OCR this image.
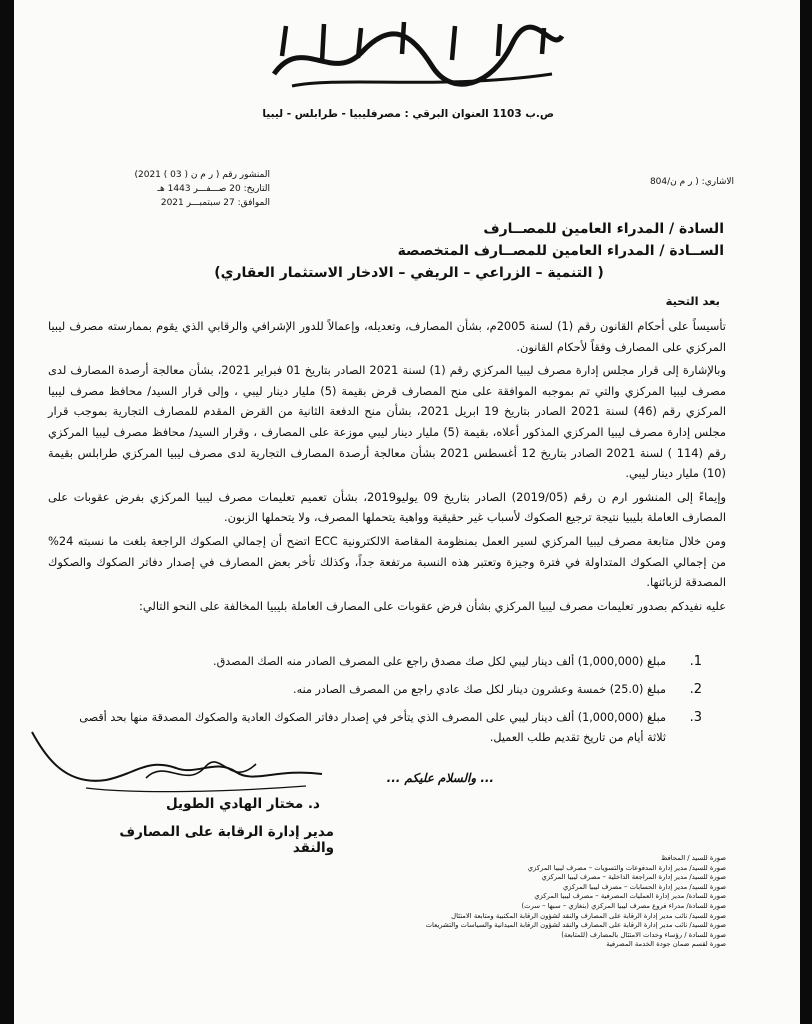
ص.ب 1103 العنوان البرقي : مصرفليبيا - طرابلس - ليبيا
المنشور رقم ( ر م ن ( 03 ) 2021)
التاريخ: 20 صـــفـــر 1443 هـ
الموافق: 27 سبتمبـــر 2021
الاشاري: ( ر م ن/804
السادة / المدراء العامين للمصــارف
الســادة / المدراء العامين للمصــارف المتخصصة
( التنمية – الزراعي – الريفي – الادخار الاستثمار العقاري)
بعد التحية

تأسيساً على أحكام القانون رقم (1) لسنة 2005م، بشأن المصارف، وتعديله، وإعمالاً للدور الإشرافي والرقابي الذي يقوم بممارسته مصرف ليبيا المركزي على المصارف وفقاً لأحكام القانون.

وبالإشارة إلى قرار مجلس إدارة مصرف ليبيا المركزي رقم (1) لسنة 2021 الصادر بتاريخ 01 فبراير 2021، بشأن معالجة أرصدة المصارف لدى مصرف ليبيا المركزي والتي تم بموجبه الموافقة على منح المصارف قرض بقيمة (5) مليار دينار ليبي ، وإلى قرار السيد/ محافظ مصرف ليبيا المركزي رقم (46) لسنة 2021 الصادر بتاريخ 19 ابريل 2021، بشأن منح الدفعة الثانية من القرض المقدم للمصارف التجارية بموجب قرار مجلس إدارة مصرف ليبيا المركزي المذكور أعلاه، بقيمة (5) مليار دينار ليبي موزعة على المصارف ، وقرار السيد/ محافظ مصرف ليبيا المركزي رقم (114 ) لسنة 2021 الصادر بتاريخ 12 أغسطس 2021 بشأن معالجة أرصدة المصارف التجارية لدى مصرف ليبيا المركزي طرابلس بقيمة (10) مليار دينار ليبي.

وإيماءً إلى المنشور ارم ن رقم (2019/05) الصادر بتاريخ 09 يوليو2019، بشأن تعميم تعليمات مصرف ليبيا المركزي بفرض عقوبات على المصارف العاملة بليبيا نتيجة ترجيع الصكوك لأسباب غير حقيقية وواهية يتحملها المصرف، ولا يتحملها الزبون.

ومن خلال متابعة مصرف ليبيا المركزي لسير العمل بمنظومة المقاصة الالكترونية ECC اتضح أن إجمالي الصكوك الراجعة بلغت ما نسبته 24% من إجمالي الصكوك المتداولة في فترة وجيزة وتعتبر هذه النسبة مرتفعة جداً، وكذلك تأخر بعض المصارف في إصدار دفاتر الصكوك والصكوك المصدقة لزبائنها.

عليه نفيدكم بصدور تعليمات مصرف ليبيا المركزي بشأن فرض عقوبات على المصارف العاملة بليبيا المخالفة على النحو التالي:

1.
مبلغ (1,000,000) ألف دينار ليبي لكل صك مصدق راجع على المصرف الصادر منه الصك المصدق.
2.
مبلغ (25.0) خمسة وعشرون دينار لكل صك عادي راجع من المصرف الصادر منه.
3.
مبلغ (1,000,000) ألف دينار ليبي على المصرف الذي يتأخر في إصدار دفاتر الصكوك العادية والصكوك المصدقة منها بحد أقصى ثلاثة أيام من تاريخ تقديم طلب العميل.
... والسلام عليكم ...
د. مختار الهادي الطويل
مدير إدارة الرقابة على المصارف والنقد
صورة للسيد / المحافظ
صورة للسيد/ مدير إدارة المدفوعات والتسويات – مصرف ليبيا المركزي
صورة للسيد/ مدير إدارة المراجعة الداخلية – مصرف ليبيا المركزي
صورة للسيد/ مدير إدارة الحسابات – مصرف ليبيا المركزي
صورة للسادة/ مدير إدارة العمليات المصرفية – مصرف ليبيا المركزي
صورة للسادة/ مدراء فروع مصرف ليبيا المركزي (بنغازي – سبها – سرت)
صورة للسيد/ نائب مدير إدارة الرقابة على المصارف والنقد لشؤون الرقابة المكتبية ومتابعة الامتثال
صورة للسيد/ نائب مدير إدارة الرقابة على المصارف والنقد لشؤون الرقابة الميدانية والسياسات والتشريعات
صورة للسادة / رؤساء وحدات الامتثال بالمصارف (للمتابعة)
صورة لقسم ضمان جودة الخدمة المصرفية
